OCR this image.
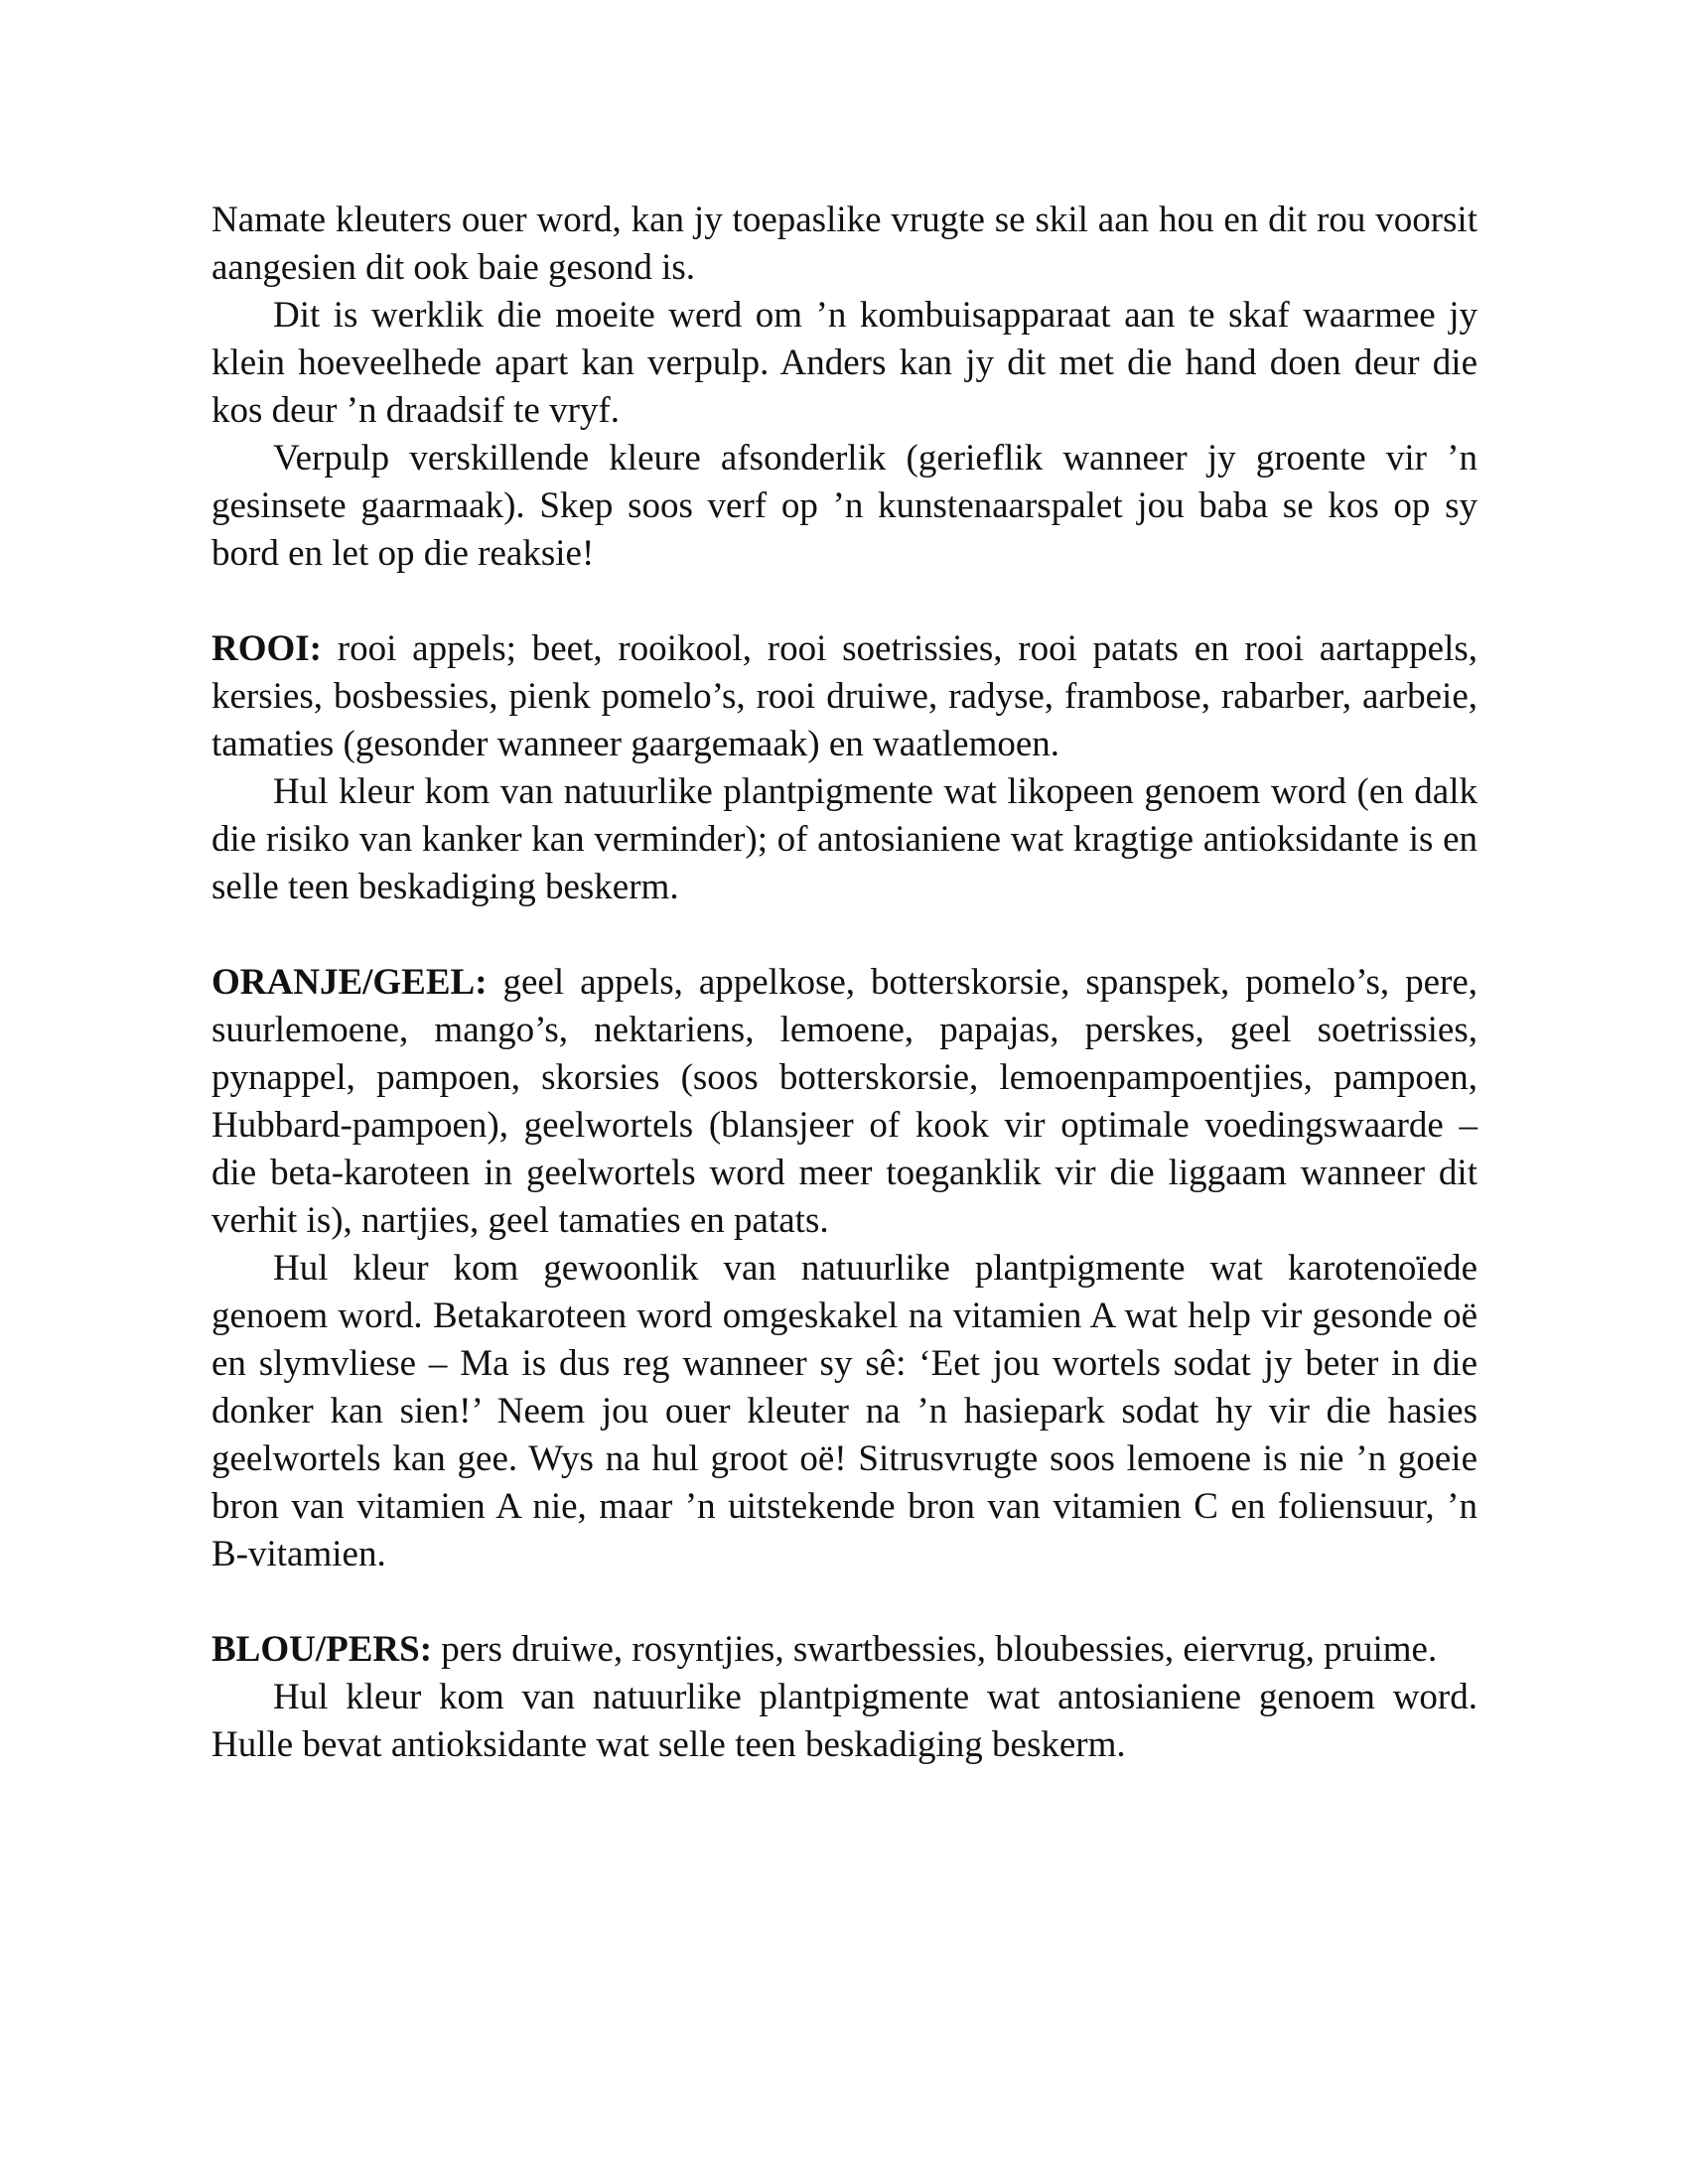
Namate kleuters ouer word, kan jy toepaslike vrugte se skil aan hou en dit rou voorsit aangesien dit ook baie gesond is.

Dit is werklik die moeite werd om ’n kombuisapparaat aan te skaf waarmee jy klein hoeveelhede apart kan verpulp. Anders kan jy dit met die hand doen deur die kos deur ’n draadsif te vryf.

Verpulp verskillende kleure afsonderlik (gerieflik wanneer jy groente vir ’n gesinsete gaarmaak). Skep soos verf op ’n kunstenaarspalet jou baba se kos op sy bord en let op die reaksie!

ROOI: rooi appels; beet, rooikool, rooi soetrissies, rooi patats en rooi aartappels, kersies, bosbessies, pienk pomelo’s, rooi druiwe, radyse, frambose, rabarber, aarbeie, tamaties (gesonder wanneer gaargemaak) en waatlemoen.

Hul kleur kom van natuurlike plantpigmente wat likopeen genoem word (en dalk die risiko van kanker kan verminder); of antosianiene wat kragtige antioksidante is en selle teen beskadiging beskerm.

ORANJE/GEEL: geel appels, appelkose, botterskorsie, spanspek, pomelo’s, pere, suurlemoene, mango’s, nektariens, lemoene, papajas, perskes, geel soetrissies, pynappel, pampoen, skorsies (soos botterskorsie, lemoenpampoentjies, pampoen, Hubbard-pampoen), geelwortels (blansjeer of kook vir optimale voedingswaarde – die beta-karoteen in geelwortels word meer toeganklik vir die liggaam wanneer dit verhit is), nartjies, geel tamaties en patats.

Hul kleur kom gewoonlik van natuurlike plantpigmente wat karotenoïede genoem word. Betakaroteen word omgeskakel na vitamien A wat help vir gesonde oë en slymvliese – Ma is dus reg wanneer sy sê: ‘Eet jou wortels sodat jy beter in die donker kan sien!’ Neem jou ouer kleuter na ’n hasiepark sodat hy vir die hasies geelwortels kan gee. Wys na hul groot oë! Sitrusvrugte soos lemoene is nie ’n goeie bron van vitamien A nie, maar ’n uitstekende bron van vitamien C en foliensuur, ’n B-vitamien.

BLOU/PERS: pers druiwe, rosyntjies, swartbessies, bloubessies, eiervrug, pruime.

Hul kleur kom van natuurlike plantpigmente wat antosianiene genoem word. Hulle bevat antioksidante wat selle teen beskadiging beskerm.
